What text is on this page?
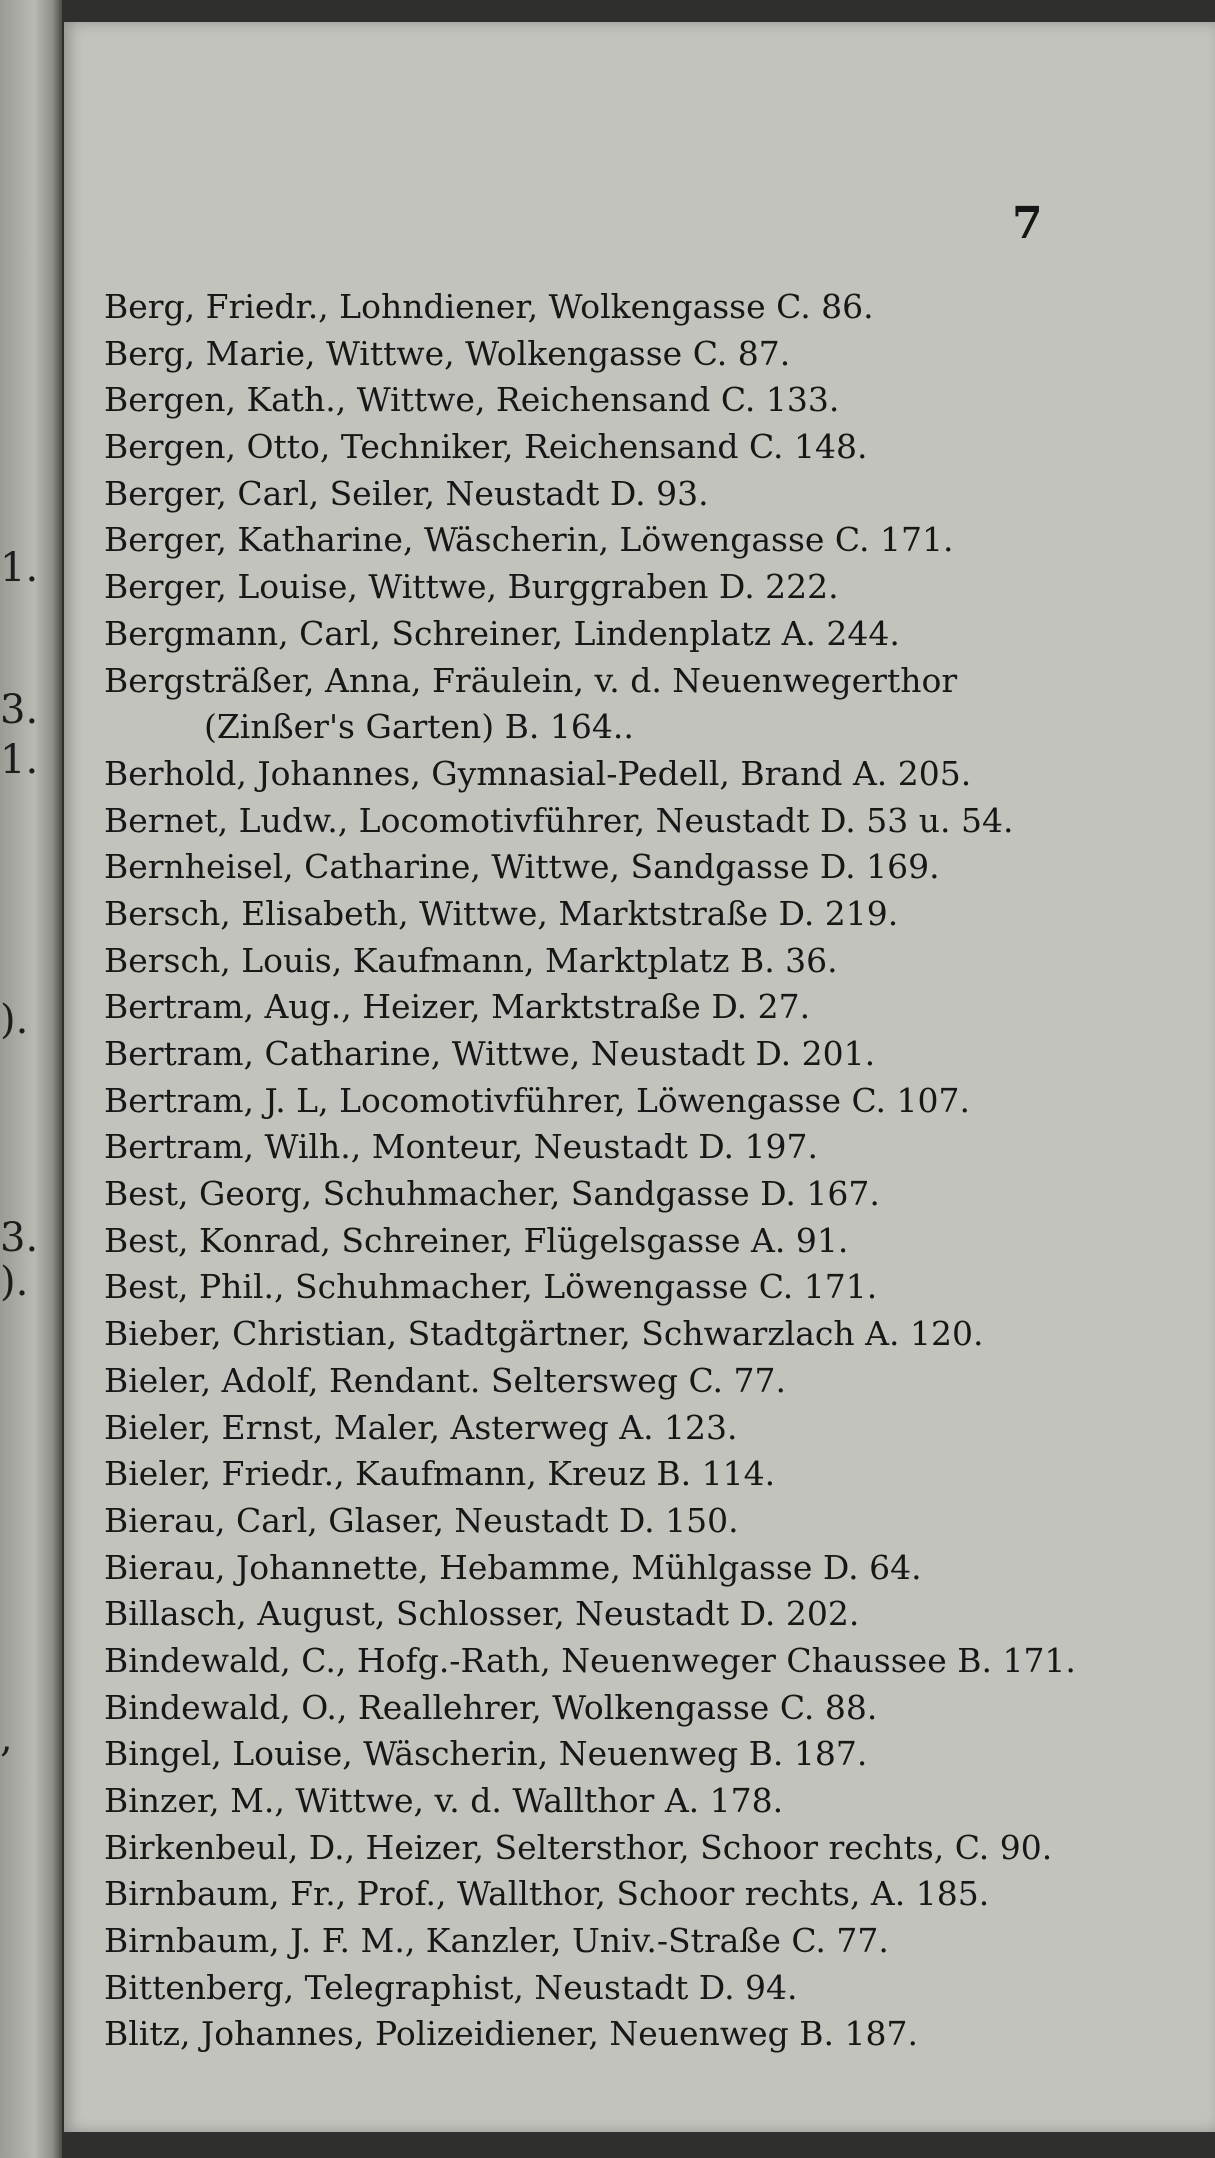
1.
3.
1.
).
3.
).
,
7
Berg, Friedr., Lohndiener, Wolkengasse C. 86.
Berg, Marie, Wittwe, Wolkengasse C. 87.
Bergen, Kath., Wittwe, Reichensand C. 133.
Bergen, Otto, Techniker, Reichensand C. 148.
Berger, Carl, Seiler, Neustadt D. 93.
Berger, Katharine, Wäscherin, Löwengasse C. 171.
Berger, Louise, Wittwe, Burggraben D. 222.
Bergmann, Carl, Schreiner, Lindenplatz A. 244.
Bergsträßer, Anna, Fräulein, v. d. Neuenwegerthor
(Zinßer's Garten) B. 164..
Berhold, Johannes, Gymnasial-Pedell, Brand A. 205.
Bernet, Ludw., Locomotivführer, Neustadt D. 53 u. 54.
Bernheisel, Catharine, Wittwe, Sandgasse D. 169.
Bersch, Elisabeth, Wittwe, Marktstraße D. 219.
Bersch, Louis, Kaufmann, Marktplatz B. 36.
Bertram, Aug., Heizer, Marktstraße D. 27.
Bertram, Catharine, Wittwe, Neustadt D. 201.
Bertram, J. L, Locomotivführer, Löwengasse C. 107.
Bertram, Wilh., Monteur, Neustadt D. 197.
Best, Georg, Schuhmacher, Sandgasse D. 167.
Best, Konrad, Schreiner, Flügelsgasse A. 91.
Best, Phil., Schuhmacher, Löwengasse C. 171.
Bieber, Christian, Stadtgärtner, Schwarzlach A. 120.
Bieler, Adolf, Rendant. Seltersweg C. 77.
Bieler, Ernst, Maler, Asterweg A. 123.
Bieler, Friedr., Kaufmann, Kreuz B. 114.
Bierau, Carl, Glaser, Neustadt D. 150.
Bierau, Johannette, Hebamme, Mühlgasse D. 64.
Billasch, August, Schlosser, Neustadt D. 202.
Bindewald, C., Hofg.-Rath, Neuenweger Chaussee B. 171.
Bindewald, O., Reallehrer, Wolkengasse C. 88.
Bingel, Louise, Wäscherin, Neuenweg B. 187.
Binzer, M., Wittwe, v. d. Wallthor A. 178.
Birkenbeul, D., Heizer, Seltersthor, Schoor rechts, C. 90.
Birnbaum, Fr., Prof., Wallthor, Schoor rechts, A. 185.
Birnbaum, J. F. M., Kanzler, Univ.-Straße C. 77.
Bittenberg, Telegraphist, Neustadt D. 94.
Blitz, Johannes, Polizeidiener, Neuenweg B. 187.
